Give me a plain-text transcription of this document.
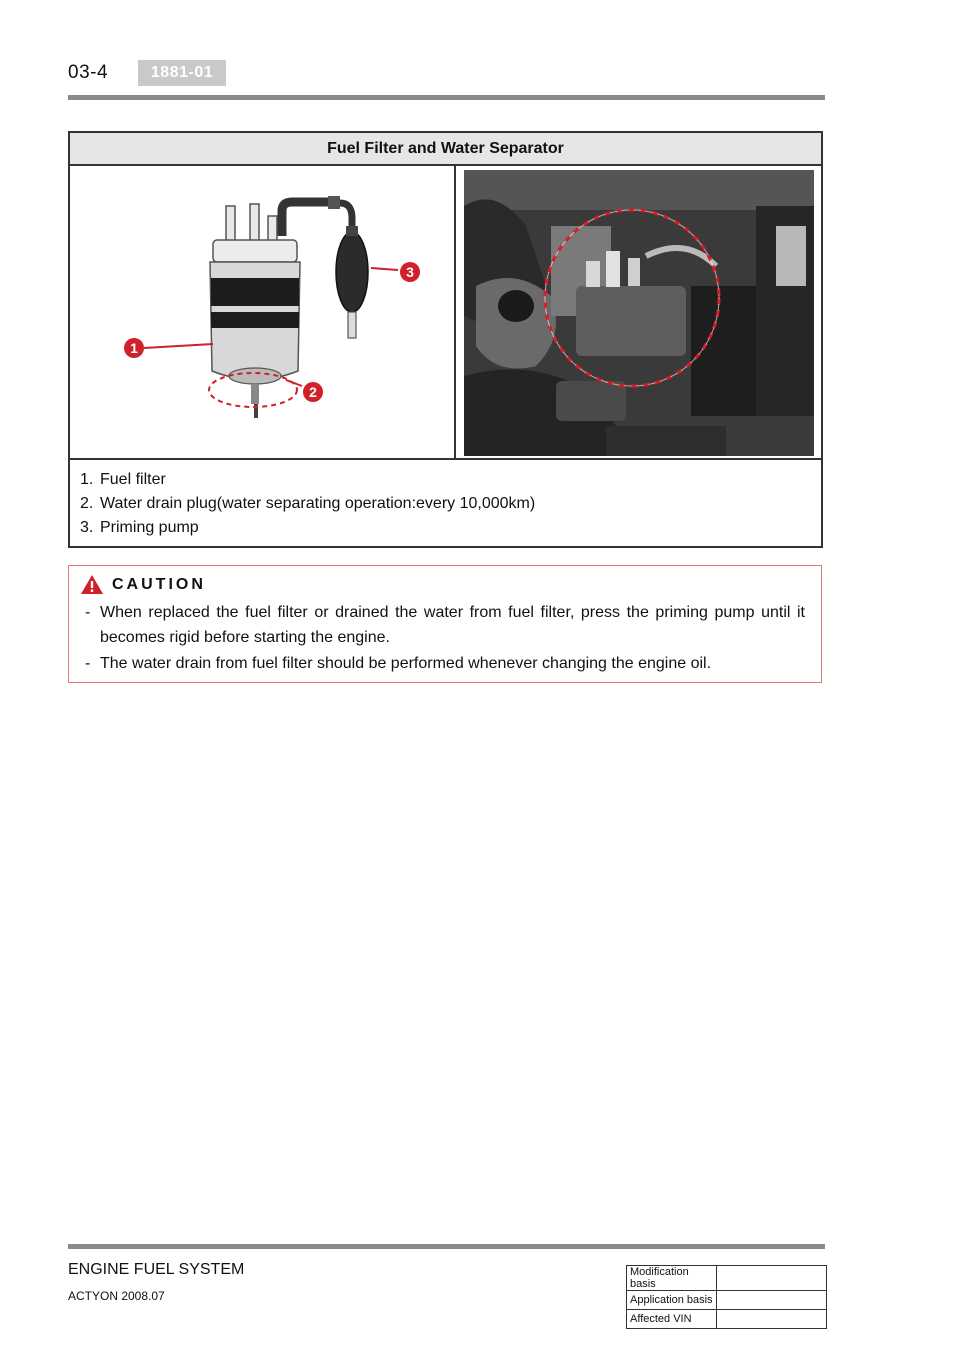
03-4	1881-01
Fuel Filter and Water Separator
1
3
2
1. Fuel filter
2. Water drain plug(water separating operation:every 10,000km)
3. Priming pump
CAUTION
- When replaced the fuel filter or drained the water from fuel filter, press the priming pump until it becomes rigid before starting the engine.
- The water drain from fuel filter should be performed whenever changing the engine oil.
ENGINE FUEL SYSTEM
ACTYON 2008.07
Modification basis	
Application basis	
Affected VIN	
